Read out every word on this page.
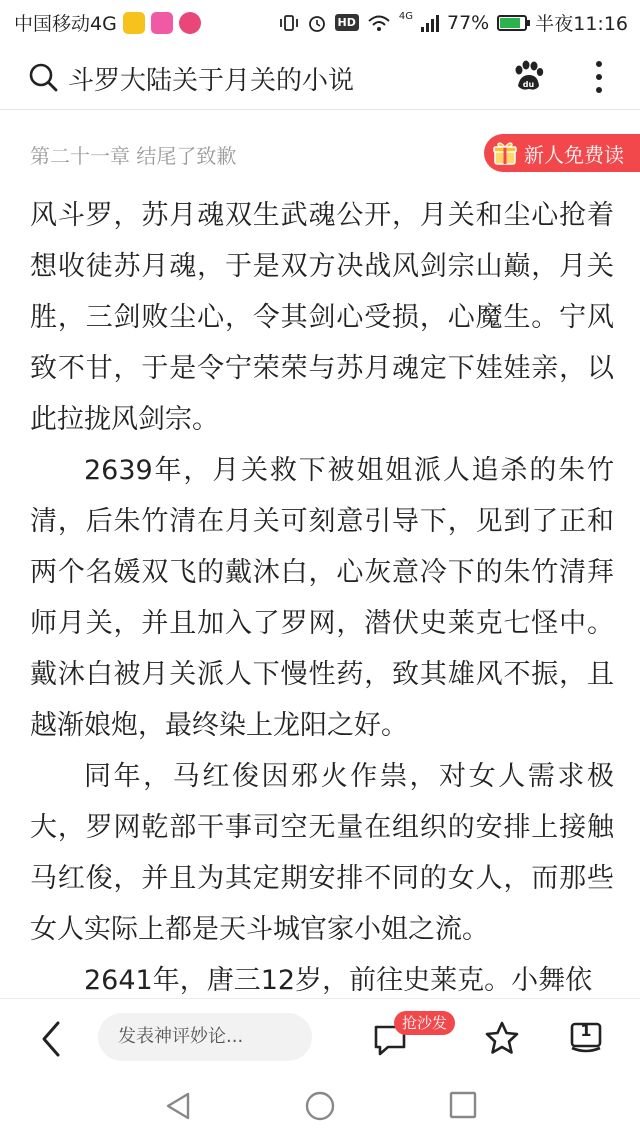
中国移动4G	HD	4G 77% 半夜11:16
斗罗大陆关于月关的小说	du
第二十一章 结尾了致歉	新人免费读

风斗罗，苏月魂双生武魂公开，月关和尘心抢着想收徒苏月魂，于是双方决战风剑宗山巅，月关胜，三剑败尘心，令其剑心受损，心魔生。宁风致不甘，于是令宁荣荣与苏月魂定下娃娃亲，以此拉拢风剑宗。

2639年，月关救下被姐姐派人追杀的朱竹清，后朱竹清在月关可刻意引导下，见到了正和两个名媛双飞的戴沐白，心灰意冷下的朱竹清拜师月关，并且加入了罗网，潜伏史莱克七怪中。戴沐白被月关派人下慢性药，致其雄风不振，且越渐娘炮，最终染上龙阳之好。

同年，马红俊因邪火作祟，对女人需求极大，罗网乾部干事司空无量在组织的安排上接触马红俊，并且为其定期安排不同的女人，而那些女人实际上都是天斗城官家小姐之流。

2641年，唐三12岁，前往史莱克。小舞依

发表神评妙论...
抢沙发	1
